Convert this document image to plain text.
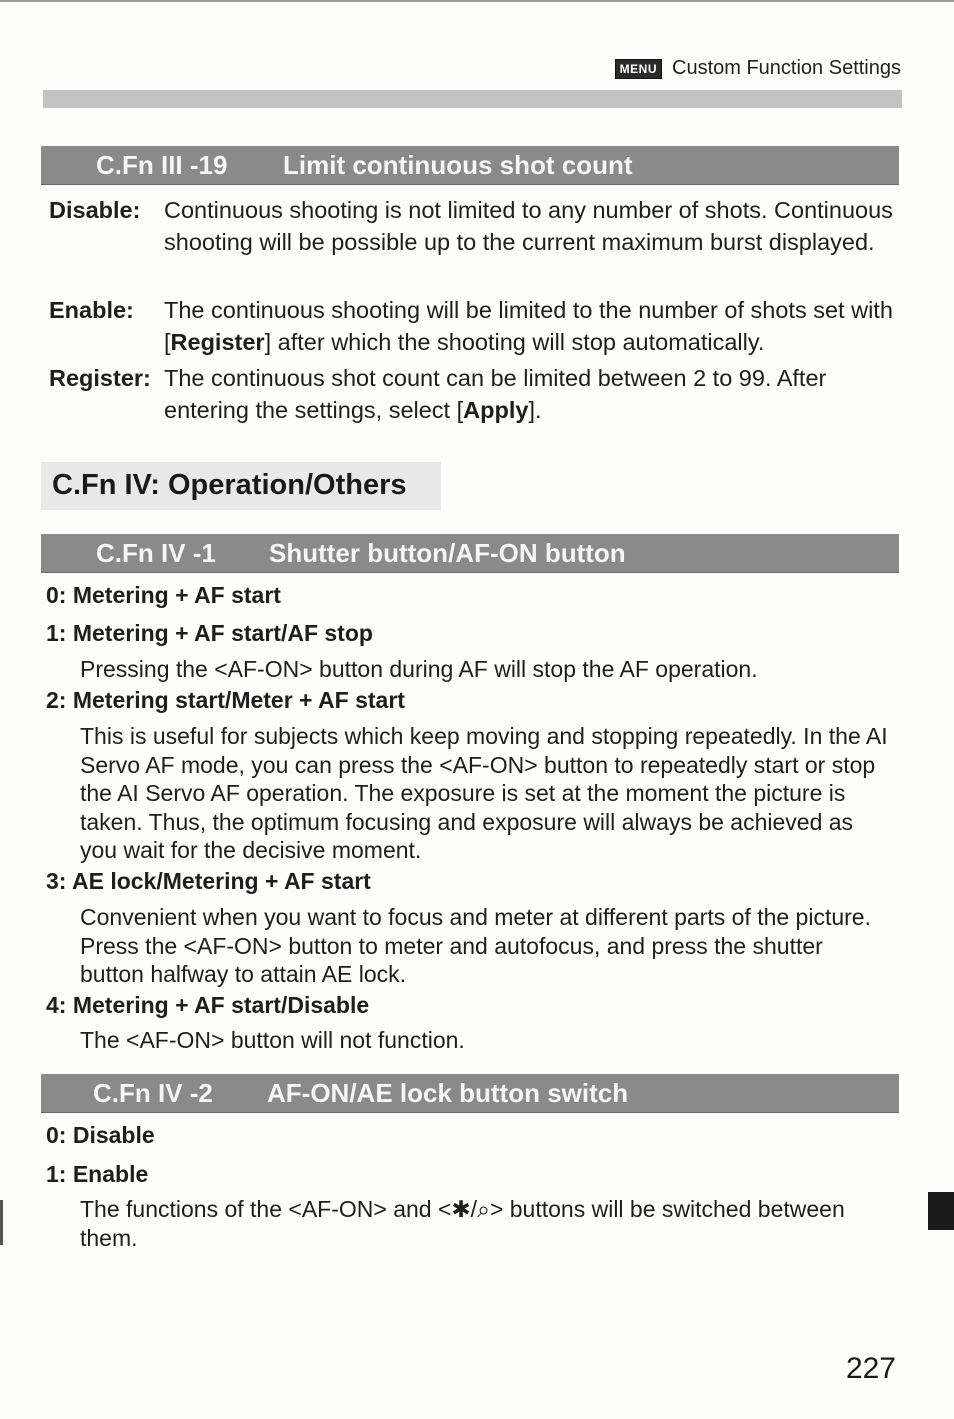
MENU Custom Function Settings
C.Fn III -19 Limit continuous shot count
Disable: Continuous shooting is not limited to any number of shots. Continuous shooting will be possible up to the current maximum burst displayed.
Enable: The continuous shooting will be limited to the number of shots set with [Register] after which the shooting will stop automatically.
Register: The continuous shot count can be limited between 2 to 99. After entering the settings, select [Apply].
C.Fn IV: Operation/Others
C.Fn IV -1 Shutter button/AF-ON button
0: Metering + AF start
1: Metering + AF start/AF stop
Pressing the <AF-ON> button during AF will stop the AF operation.
2: Metering start/Meter + AF start
This is useful for subjects which keep moving and stopping repeatedly. In the AI Servo AF mode, you can press the <AF-ON> button to repeatedly start or stop the AI Servo AF operation. The exposure is set at the moment the picture is taken. Thus, the optimum focusing and exposure will always be achieved as you wait for the decisive moment.
3: AE lock/Metering + AF start
Convenient when you want to focus and meter at different parts of the picture. Press the <AF-ON> button to meter and autofocus, and press the shutter button halfway to attain AE lock.
4: Metering + AF start/Disable
The <AF-ON> button will not function.
C.Fn IV -2 AF-ON/AE lock button switch
0: Disable
1: Enable
The functions of the <AF-ON> and <✱/⌕> buttons will be switched between them.
227
